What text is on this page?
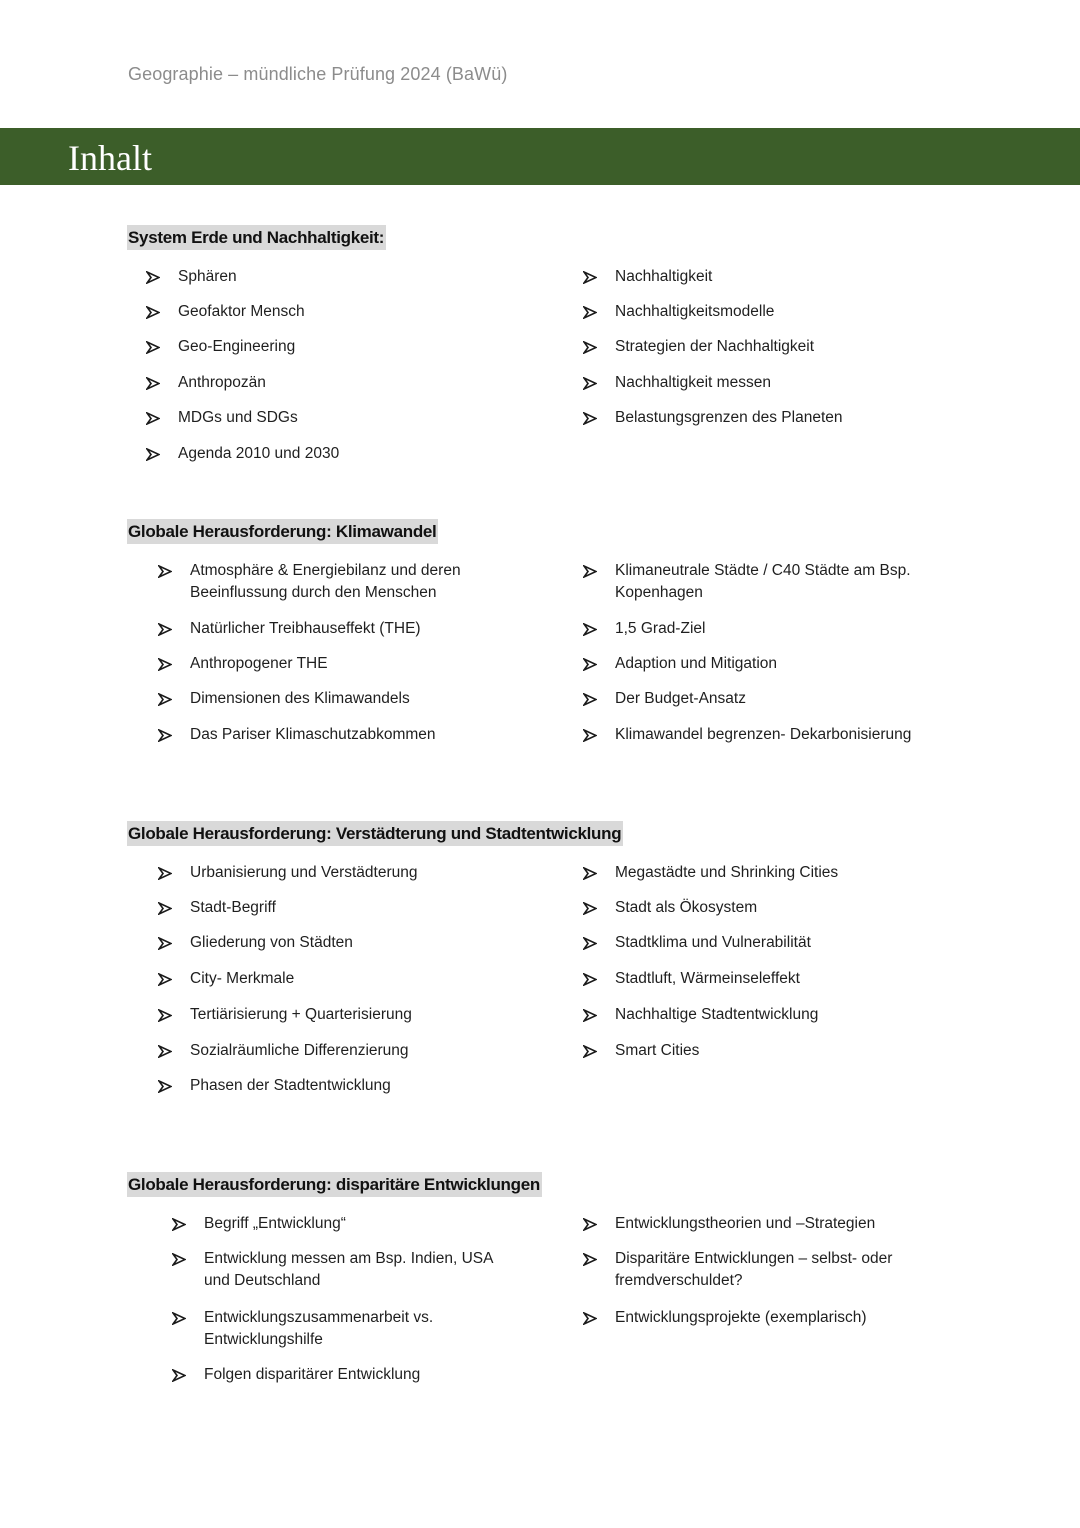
Geographie – mündliche Prüfung 2024 (BaWü)
Inhalt
System Erde und Nachhaltigkeit:
Sphären
Geofaktor Mensch
Geo-Engineering
Anthropozän
MDGs und SDGs
Agenda 2010 und 2030
Nachhaltigkeit
Nachhaltigkeitsmodelle
Strategien der Nachhaltigkeit
Nachhaltigkeit messen
Belastungsgrenzen des Planeten
Globale Herausforderung: Klimawandel
Atmosphäre & Energiebilanz und deren Beeinflussung durch den Menschen
Natürlicher Treibhauseffekt (THE)
Anthropogener THE
Dimensionen des Klimawandels
Das Pariser Klimaschutzabkommen
Klimaneutrale Städte / C40 Städte am Bsp. Kopenhagen
1,5 Grad-Ziel
Adaption und Mitigation
Der Budget-Ansatz
Klimawandel begrenzen- Dekarbonisierung
Globale Herausforderung: Verstädterung und Stadtentwicklung
Urbanisierung und Verstädterung
Stadt-Begriff
Gliederung von Städten
City- Merkmale
Tertiärisierung + Quarterisierung
Sozialräumliche Differenzierung
Phasen der Stadtentwicklung
Megastädte und Shrinking Cities
Stadt als Ökosystem
Stadtklima und Vulnerabilität
Stadtluft, Wärmeinseleffekt
Nachhaltige Stadtentwicklung
Smart Cities
Globale Herausforderung: disparitäre Entwicklungen
Begriff „Entwicklung“
Entwicklung messen am Bsp. Indien, USA und Deutschland
Entwicklungszusammenarbeit vs. Entwicklungshilfe
Folgen disparitärer Entwicklung
Entwicklungstheorien und –Strategien
Disparitäre Entwicklungen – selbst- oder fremdverschuldet?
Entwicklungsprojekte (exemplarisch)
